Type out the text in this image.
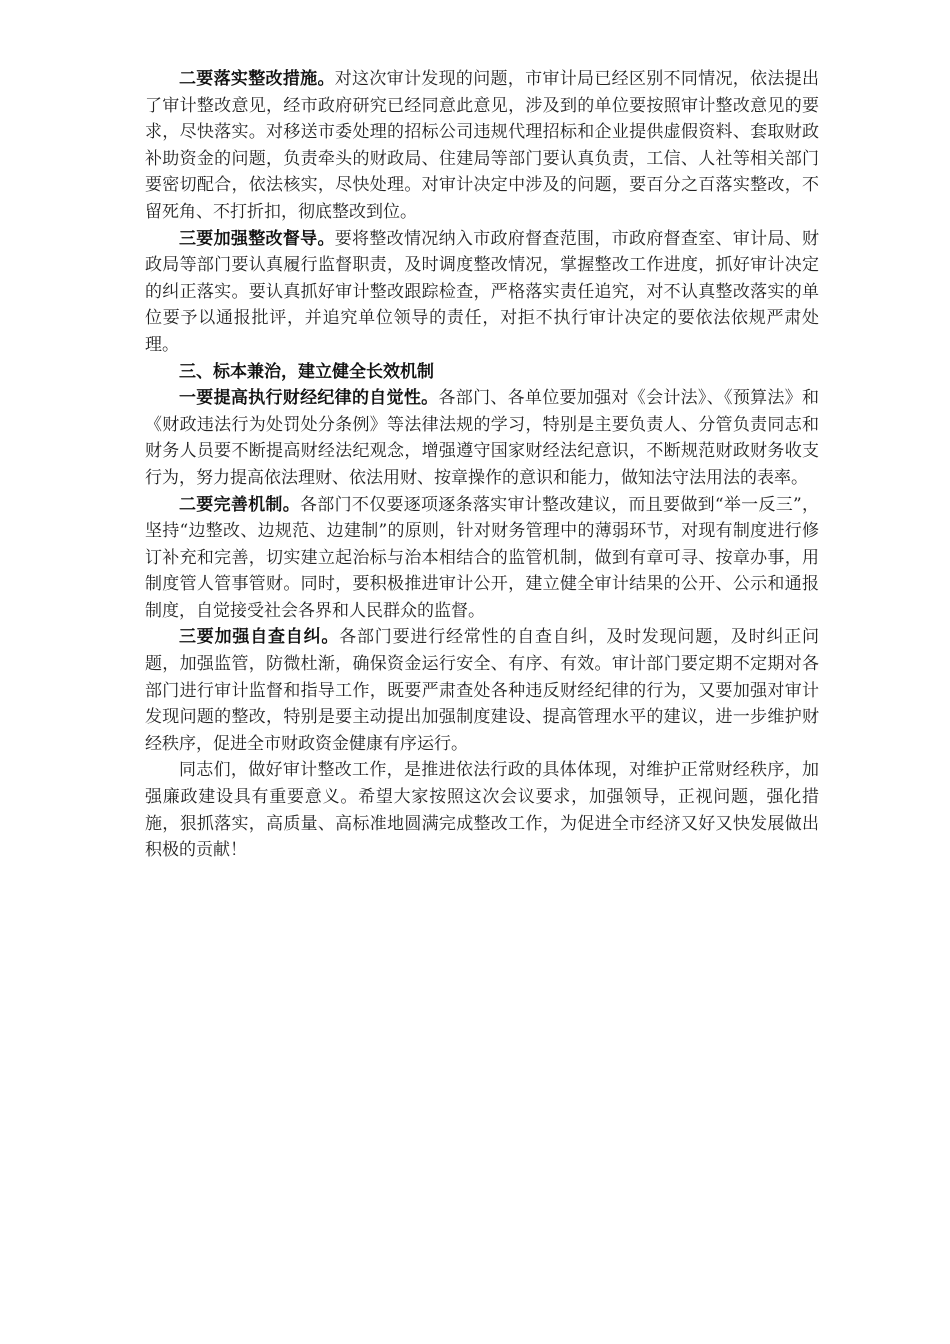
二要落实整改措施。对这次审计发现的问题，市审计局已经区别不同情况，依法提出了审计整改意见，经市政府研究已经同意此意见，涉及到的单位要按照审计整改意见的要求，尽快落实。对移送市委处理的招标公司违规代理招标和企业提供虚假资料、套取财政补助资金的问题，负责牵头的财政局、住建局等部门要认真负责，工信、人社等相关部门要密切配合，依法核实，尽快处理。对审计决定中涉及的问题，要百分之百落实整改，不留死角、不打折扣，彻底整改到位。

三要加强整改督导。要将整改情况纳入市政府督查范围，市政府督查室、审计局、财政局等部门要认真履行监督职责，及时调度整改情况，掌握整改工作进度，抓好审计决定的纠正落实。要认真抓好审计整改跟踪检查，严格落实责任追究，对不认真整改落实的单位要予以通报批评，并追究单位领导的责任，对拒不执行审计决定的要依法依规严肃处理。

三、标本兼治，建立健全长效机制

一要提高执行财经纪律的自觉性。各部门、各单位要加强对《会计法》、《预算法》和《财政违法行为处罚处分条例》等法律法规的学习，特别是主要负责人、分管负责同志和财务人员要不断提高财经法纪观念，增强遵守国家财经法纪意识，不断规范财政财务收支行为，努力提高依法理财、依法用财、按章操作的意识和能力，做知法守法用法的表率。

二要完善机制。各部门不仅要逐项逐条落实审计整改建议，而且要做到“举一反三”，坚持“边整改、边规范、边建制”的原则，针对财务管理中的薄弱环节，对现有制度进行修订补充和完善，切实建立起治标与治本相结合的监管机制，做到有章可寻、按章办事，用制度管人管事管财。同时，要积极推进审计公开，建立健全审计结果的公开、公示和通报制度，自觉接受社会各界和人民群众的监督。

三要加强自查自纠。各部门要进行经常性的自查自纠，及时发现问题，及时纠正问题，加强监管，防微杜渐，确保资金运行安全、有序、有效。审计部门要定期不定期对各部门进行审计监督和指导工作，既要严肃查处各种违反财经纪律的行为，又要加强对审计发现问题的整改，特别是要主动提出加强制度建设、提高管理水平的建议，进一步维护财经秩序，促进全市财政资金健康有序运行。

同志们，做好审计整改工作，是推进依法行政的具体体现，对维护正常财经秩序，加强廉政建设具有重要意义。希望大家按照这次会议要求，加强领导，正视问题，强化措施，狠抓落实，高质量、高标准地圆满完成整改工作，为促进全市经济又好又快发展做出积极的贡献！
